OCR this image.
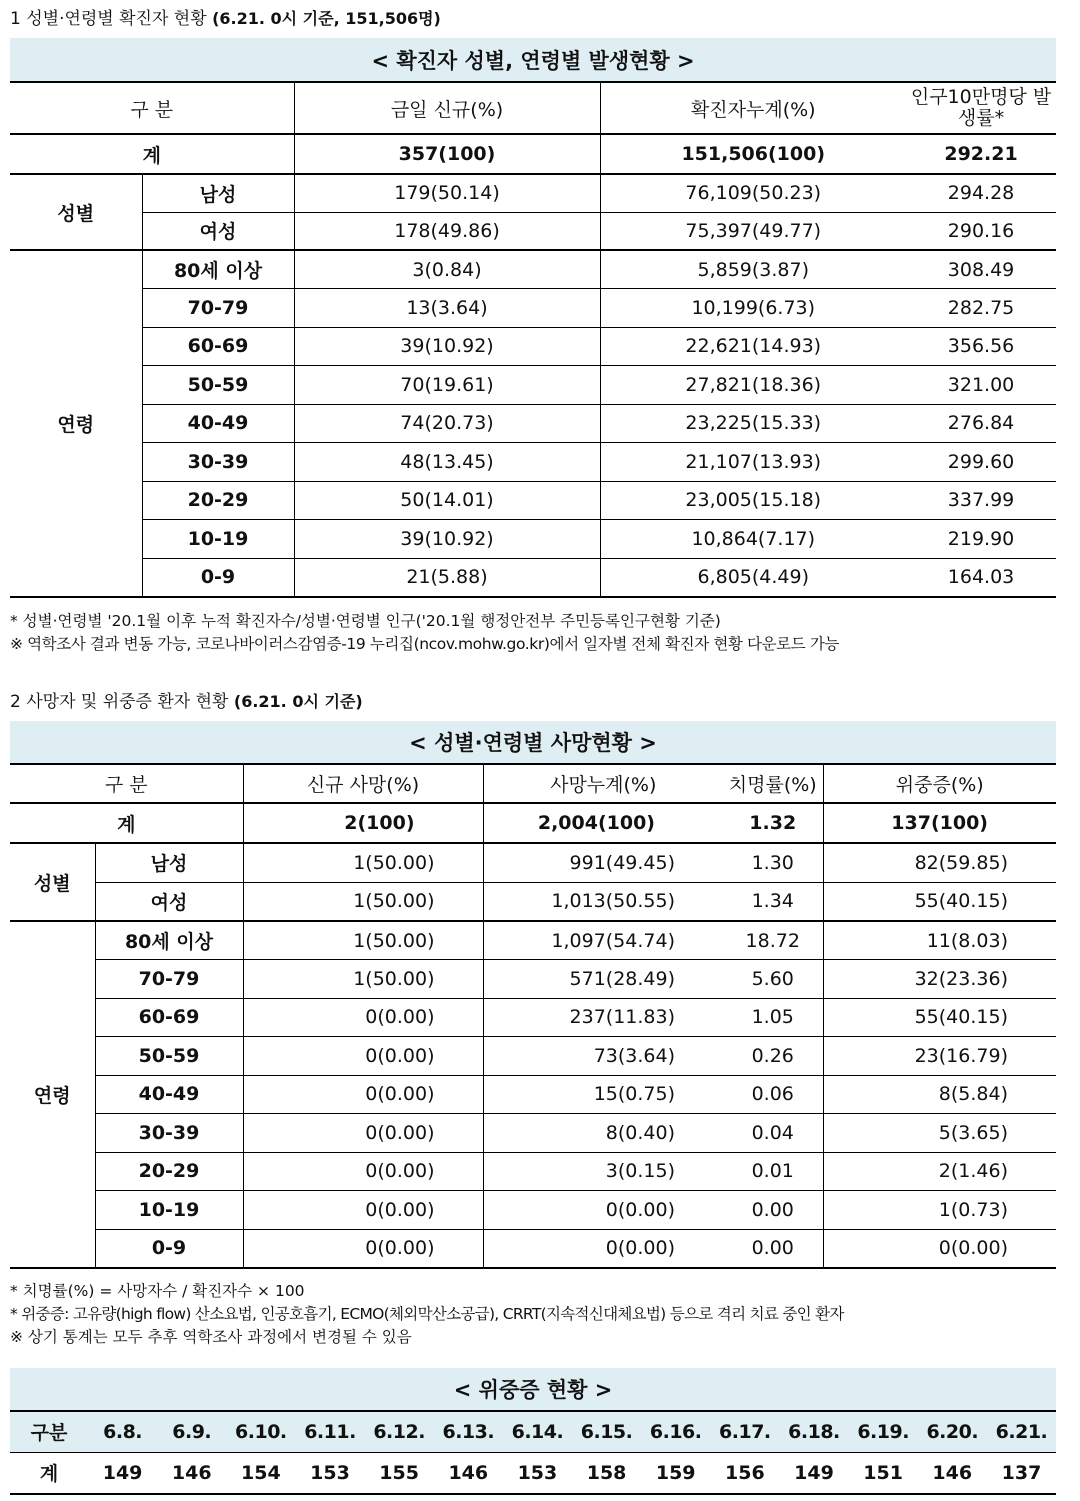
1 성별·연령별 확진자 현황 (6.21. 0시 기준, 151,506명)
< 확진자 성별, 연령별 발생현황 >				
구 분		금일 신규(%)	확진자누계(%)	인구10만명당 발생률*
계		357(100)	151,506(100)	292.21
성별	남성	179(50.14)	76,109(50.23)	294.28
	여성	178(49.86)	75,397(49.77)	290.16
연령	80세 이상	3(0.84)	5,859(3.87)	308.49
	70-79	13(3.64)	10,199(6.73)	282.75
	60-69	39(10.92)	22,621(14.93)	356.56
	50-59	70(19.61)	27,821(18.36)	321.00
	40-49	74(20.73)	23,225(15.33)	276.84
	30-39	48(13.45)	21,107(13.93)	299.60
	20-29	50(14.01)	23,005(15.18)	337.99
	10-19	39(10.92)	10,864(7.17)	219.90
	0-9	21(5.88)	6,805(4.49)	164.03
* 성별·연령별 '20.1월 이후 누적 확진자수/성별·연령별 인구('20.1월 행정안전부 주민등록인구현황 기준)
※ 역학조사 결과 변동 가능, 코로나바이러스감염증-19 누리집(ncov.mohw.go.kr)에서 일자별 전체 확진자 현황 다운로드 가능
2 사망자 및 위중증 환자 현황 (6.21. 0시 기준)
< 성별·연령별 사망현황 >					
구 분		신규 사망(%)	사망누계(%)	치명률(%)	위중증(%)
계		2(100)	2,004(100)	1.32	137(100)
성별	남성	1(50.00)	991(49.45)	1.30	82(59.85)
	여성	1(50.00)	1,013(50.55)	1.34	55(40.15)
연령	80세 이상	1(50.00)	1,097(54.74)	18.72	11(8.03)
	70-79	1(50.00)	571(28.49)	5.60	32(23.36)
	60-69	0(0.00)	237(11.83)	1.05	55(40.15)
	50-59	0(0.00)	73(3.64)	0.26	23(16.79)
	40-49	0(0.00)	15(0.75)	0.06	8(5.84)
	30-39	0(0.00)	8(0.40)	0.04	5(3.65)
	20-29	0(0.00)	3(0.15)	0.01	2(1.46)
	10-19	0(0.00)	0(0.00)	0.00	1(0.73)
	0-9	0(0.00)	0(0.00)	0.00	0(0.00)
* 치명률(%) = 사망자수 / 확진자수 × 100
* 위중증: 고유량(high flow) 산소요법, 인공호흡기, ECMO(체외막산소공급), CRRT(지속적신대체요법) 등으로 격리 치료 중인 환자
※ 상기 통계는 모두 추후 역학조사 과정에서 변경될 수 있음
< 위중증 현황 >														
구분	6.8.	6.9.	6.10.	6.11.	6.12.	6.13.	6.14.	6.15.	6.16.	6.17.	6.18.	6.19.	6.20.	6.21.
계	149	146	154	153	155	146	153	158	159	156	149	151	146	137
